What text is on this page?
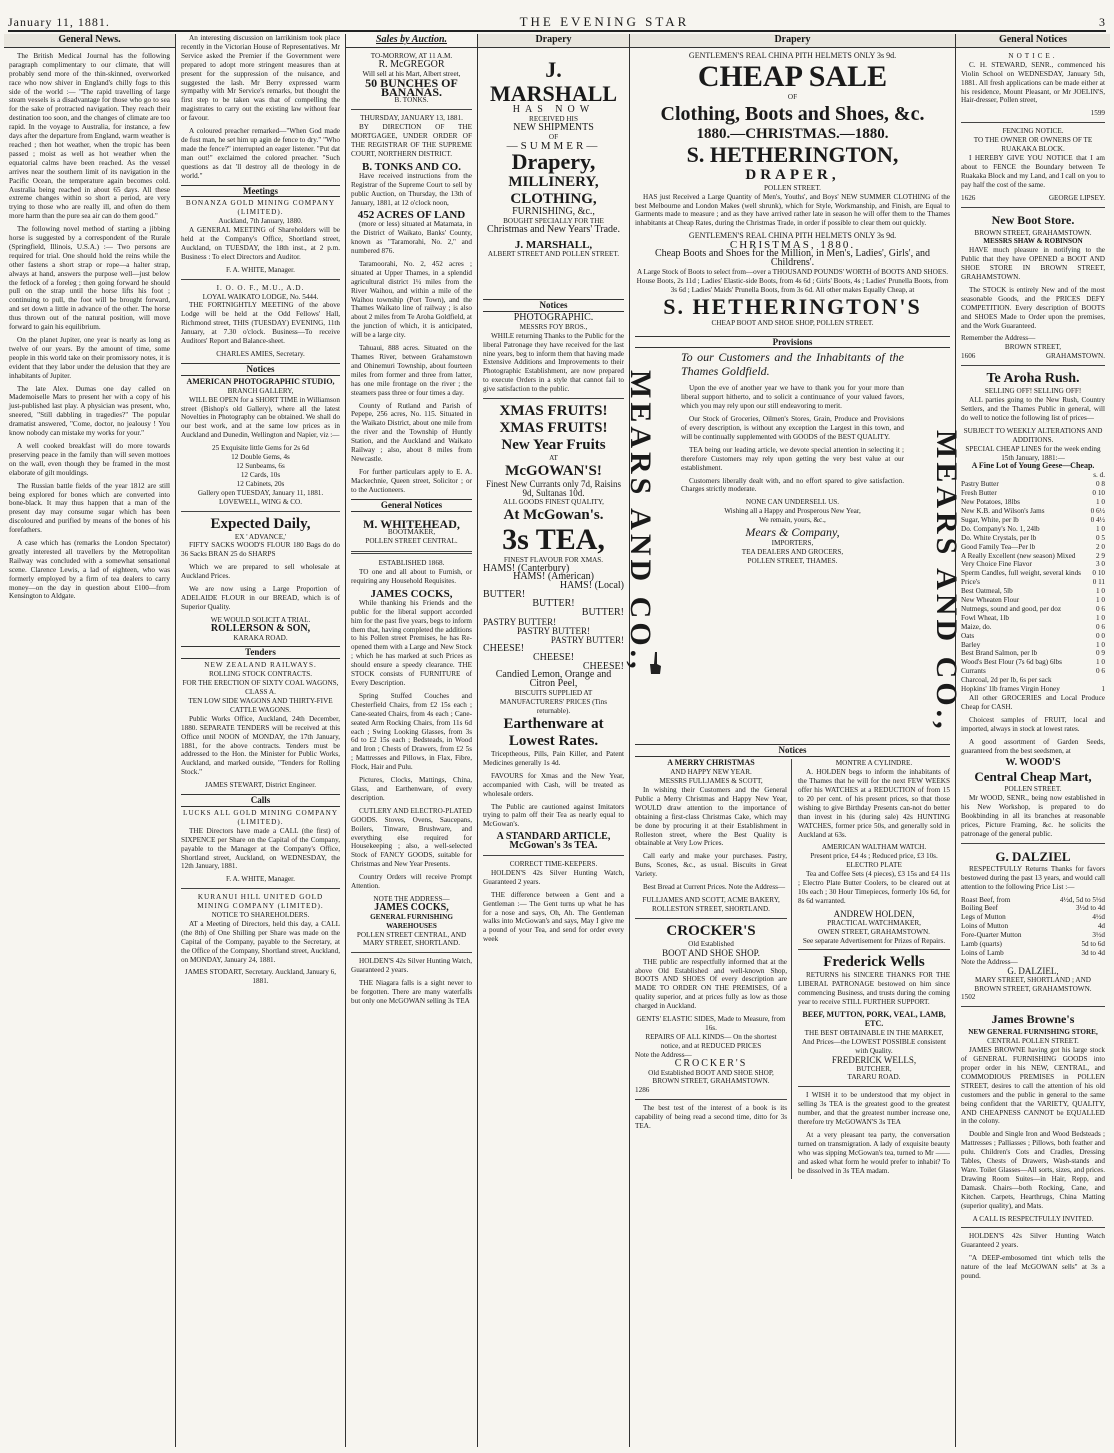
January 11, 1881.	THE EVENING STAR	3
General News.

The British Medical Journal has the following paragraph complimentary to our climate, that will probably send more of the thin-skinned, overworked race who now shiver in England's chilly fogs to this side of the world :— "The rapid travelling of large steam vessels is a disadvantage for those who go to sea for the sake of protracted navigation. They reach their destination too soon, and the changes of climate are too rapid. In the voyage to Australia, for instance, a few days after the departure from England, warm weather is reached ; then hot weather, when the tropic has been passed ; moist as well as hot weather when the equatorial calms have been reached. As the vessel arrives near the southern limit of its navigation in the Pacific Ocean, the temperature again becomes cold. Australia being reached in about 65 days. All these extreme changes within so short a period, are very trying to those who are really ill, and often do them more harm than the pure sea air can do them good."

The following novel method of starting a jibbing horse is suggested by a correspondent of the Rurale (Springfield, Illinois, U.S.A.) :— Two persons are required for trial. One should hold the reins while the other fastens a short strap or rope—a halter strap, always at hand, answers the purpose well—just below the fetlock of a foreleg ; then going forward he should pull on the strap until the horse lifts his foot ; continuing to pull, the foot will be brought forward, and set down a little in advance of the other. The horse thus thrown out of the natural position, will move forward to gain his equilibrium.

On the planet Jupiter, one year is nearly as long as twelve of our years. By the amount of time, some people in this world take on their promissory notes, it is evident that they labor under the delusion that they are inhabitants of Jupiter.

The late Alex. Dumas one day called on Mademoiselle Mars to present her with a copy of his just-published last play. A physician was present, who, sneered, "Still dabbling in tragedies?" The popular dramatist answered, "Come, doctor, no jealousy ! You know nobody can mistake my works for your."

A well cooked breakfast will do more towards preserving peace in the family than will seven mottoes on the wall, even though they be framed in the most elaborate of gilt mouldings.

The Russian battle fields of the year 1812 are still being explored for bones which are converted into bone-black. It may thus happen that a man of the present day may consume sugar which has been discoloured and purified by means of the bones of his forefathers.

A case which has (remarks the London Spectator) greatly interested all travellers by the Metropolitan Railway was concluded with a somewhat sensational scene. Clarence Lewis, a lad of eighteen, who was formerly employed by a firm of tea dealers to carry money—on the day in question about £100—from Kensington to Aldgate.

An interesting discussion on larrikinism took place recently in the Victorian House of Representatives. Mr Service asked the Premier if the Government were prepared to adopt more stringent measures than at present for the suppression of the nuisance, and suggested the lash. Mr Berry expressed warm sympathy with Mr Service's remarks, but thought the first step to be taken was that of compelling the magistrates to carry out the existing law without fear or favour.

A coloured preacher remarked—"When God made de fust man, he set him up agin de fence to dry." "Who made the fence?" interrupted an eager listener. "Put dat man out!" exclaimed the colored preacher. "Such questions as dat 'll destroy all de theology in de world."

Meetings
BONANZA GOLD MINING COMPANY (LIMITED).
Auckland, 7th January, 1880.

A GENERAL MEETING of Shareholders will be held at the Company's Office, Shortland street, Auckland, on TUESDAY, the 18th inst., at 2 p.m. Business : To elect Directors and Auditor.

F. A. WHITE, Manager.
I. O. O. F., M.U., A.D.
LOYAL WAIKATO LODGE, No. 5444.

THE FORTNIGHTLY MEETING of the above Lodge will be held at the Odd Fellows' Hall, Richmond street, THIS (TUESDAY) EVENING, 11th January, at 7.30 o'clock. Business—To receive Auditors' Report and Balance-sheet.

CHARLES AMIES, Secretary.
Notices
AMERICAN PHOTOGRAPHIC STUDIO,
BRANCH GALLERY,

WILL BE OPEN for a SHORT TIME in Williamson street (Bishop's old Gallery), where all the latest Novelties in Photography can be obtained. We shall do our best work, and at the same low prices as in Auckland and Dunedin, Wellington and Napier, viz :—

25 Exquisite little Gems for 2s 6d
12 Double Gems, 4s
12 Sunbeams, 6s
12 Cards, 10s
12 Cabinets, 20s
Gallery open TUESDAY, January 11, 1881.
LOVEWELL, WING & CO.
Expected Daily,
EX ' ADVANCE,'

FIFTY SACKS WOOD'S FLOUR 180 Bags do do 36 Sacks BRAN 25 do SHARPS

Which we are prepared to sell wholesale at Auckland Prices.

We are now using a Large Proportion of ADELAIDE FLOUR in our BREAD, which is of Superior Quality.

WE WOULD SOLICIT A TRIAL.
ROLLERSON & SON,
KARAKA ROAD.
Tenders
NEW ZEALAND RAILWAYS.
ROLLING STOCK CONTRACTS.
FOR THE ERECTION OF SIXTY COAL WAGONS, CLASS A.
TEN LOW SIDE WAGONS AND THIRTY-FIVE CATTLE WAGONS.

Public Works Office, Auckland, 24th December, 1880. SEPARATE TENDERS will be received at this Office until NOON of MONDAY, the 17th January, 1881, for the above contracts. Tenders must be addressed to the Hon. the Minister for Public Works, Auckland, and marked outside, "Tenders for Rolling Stock."

JAMES STEWART, District Engineer.
Calls
LUCKS ALL GOLD MINING COMPANY (LIMITED).

THE Directors have made a CALL (the first) of SIXPENCE per Share on the Capital of the Company, payable to the Manager at the Company's Office, Shortland street, Auckland, on WEDNESDAY, the 12th January, 1881.

F. A. WHITE, Manager.
KURANUI HILL UNITED GOLD MINING COMPANY (LIMITED).
NOTICE TO SHAREHOLDERS.

AT a Meeting of Directors, held this day, a CALL (the 8th) of One Shilling per Share was made on the Capital of the Company, payable to the Secretary, at the Office of the Company, Shortland street, Auckland, on MONDAY, January 24, 1881.

JAMES STODART, Secretary. Auckland, January 6, 1881.
Sales by Auction.
TO-MORROW, AT 11 A.M.
R. McGREGOR
Will sell at his Mart, Albert street,
50 BUNCHES OF BANANAS.
B. TONKS.
THURSDAY, JANUARY 13, 1881.

BY DIRECTION OF THE MORTGAGEE, UNDER ORDER OF THE REGISTRAR OF THE SUPREME COURT, NORTHERN DISTRICT.

B. TONKS AND CO.

Have received instructions from the Registrar of the Supreme Court to sell by public Auction, on Thursday, the 13th of January, 1881, at 12 o'clock noon,

452 ACRES OF LAND

(more or less) situated at Matamata, in the District of Waikato, Banks' County, known as "Taramorahi, No. 2," and numbered 876.

Taramoorahi, No. 2, 452 acres ; situated at Upper Thames, in a splendid agricultural district 1¼ miles from the River Waihou, and within a mile of the Waihou township (Port Town), and the Thames Waikato line of railway ; is also about 2 miles from Te Aroha Goldfield, at the junction of which, it is anticipated, will be a large city.

Tahuaui, 888 acres. Situated on the Thames River, between Grahamstown and Ohinemuri Township, about fourteen miles from former and three from latter, has one mile frontage on the river ; the steamers pass three or four times a day.

County of Rutland and Parish of Pepepe, 256 acres, No. 115. Situated in the Waikato District, about one mile from the river and the Township of Huntly Station, and the Auckland and Waikato Railway ; also, about 8 miles from Newcastle.

For further particulars apply to E. A. Mackechnie, Queen street, Solicitor ; or to the Auctioneers.

General Notices
M. WHITEHEAD,
BOOTMAKER,
POLLEN STREET CENTRAL.
ESTABLISHED 1868.

TO one and all about to Furnish, or requiring any Household Requisites.

JAMES COCKS,

While thanking his Friends and the public for the liberal support accorded him for the past five years, begs to inform them that, having completed the additions to his Pollen street Premises, he has Re-opened them with a Large and New Stock ; which he has marked at such Prices as should ensure a speedy clearance. THE STOCK consists of FURNITURE of Every Description.

Spring Stuffed Couches and Chesterfield Chairs, from £2 15s each ; Cane-seated Chairs, from 4s each ; Cane-seated Arm Rocking Chairs, from 11s 6d each ; Swing Looking Glasses, from 3s 6d to £2 15s each ; Bedsteads, in Wood and Iron ; Chests of Drawers, from £2 5s ; Mattresses and Pillows, in Flax, Fibre, Flock, Hair and Pulu.

Pictures, Clocks, Mattings, China, Glass, and Earthenware, of every description.

CUTLERY AND ELECTRO-PLATED GOODS. Stoves, Ovens, Saucepans, Boilers, Tinware, Brushware, and everything else required for Housekeeping ; also, a well-selected Stock of FANCY GOODS, suitable for Christmas and New Year Presents.

Country Orders will receive Prompt Attention.

NOTE THE ADDRESS—
JAMES COCKS,
GENERAL FURNISHING WAREHOUSES
POLLEN STREET CENTRAL, AND MARY STREET, SHORTLAND.

HOLDEN'S 42s Silver Hunting Watch, Guaranteed 2 years.

THE Niagara falls is a sight never to be forgotten. There are many waterfalls but only one McGOWAN selling 3s TEA

Drapery
J. MARSHALL
HAS NOW
RECEIVED HIS
NEW SHIPMENTS
OF
—SUMMER—
Drapery,
MILLINERY,
CLOTHING,
FURNISHING, &c.,
BOUGHT SPECIALLY FOR THE
Christmas and New Years' Trade.
J. MARSHALL,
ALBERT STREET AND POLLEN STREET.
Notices
PHOTOGRAPHIC.
MESSRS FOY BROS.,

WHILE returning Thanks to the Public for the liberal Patronage they have received for the last nine years, beg to inform them that having made Extensive Additions and Improvements to their Photographic Establishment, are now prepared to execute Orders in a style that cannot fail to give satisfaction to the public.

XMAS FRUITS!
XMAS FRUITS!
New Year Fruits
AT
McGOWAN'S!
Finest New Currants only 7d, Raisins 9d, Sultanas 10d.
ALL GOODS FINEST QUALITY,
At McGowan's.
3s TEA,
FINEST FLAVOUR FOR XMAS.
HAMS! (Canterbury)
HAMS! (American)
HAMS! (Local)
BUTTER!
BUTTER!
BUTTER!
PASTRY BUTTER!
PASTRY BUTTER!
PASTRY BUTTER!
CHEESE!
CHEESE!
CHEESE!
Candied Lemon, Orange and Citron Peel,
BISCUITS SUPPLIED AT MANUFACTURERS' PRICES (Tins returnable).
Earthenware at Lowest Rates.

Triceptheous, Pills, Pain Killer, and Patent Medicines generally 1s 4d.

FAVOURS for Xmas and the New Year, accompanied with Cash, will be treated as wholesale orders.

The Public are cautioned against Imitators trying to palm off their Tea as nearly equal to McGowan's.

A STANDARD ARTICLE, McGowan's 3s TEA.
CORRECT TIME-KEEPERS.

HOLDEN'S 42s Silver Hunting Watch, Guaranteed 2 years.

THE difference between a Gent and a Gentleman :— The Gent turns up what he has for a nose and says, Oh, Ah. The Gentleman walks into McGowan's and says, May I give me a pound of your Tea, and send for order every week

Drapery
GENTLEMEN'S REAL CHINA PITH HELMETS ONLY 3s 9d.
CHEAP SALE
OF
Clothing, Boots and Shoes, &c.
1880.—CHRISTMAS.—1880.
S. HETHERINGTON,
DRAPER,
POLLEN STREET.

HAS just Received a Large Quantity of Men's, Youths', and Boys' NEW SUMMER CLOTHING of the best Melbourne and London Makes (well shrunk), which for Style, Workmanship, and Finish, are Equal to Garments made to measure ; and as they have arrived rather late in season he will offer them to the Thames inhabitants at Cheap Rates, during the Christmas Trade, in order if possible to clear them out quickly.

GENTLEMEN'S REAL CHINA PITH HELMETS ONLY 3s 9d.
CHRISTMAS, 1880.
Cheap Boots and Shoes for the Million, in Men's, Ladies', Girls', and Childrens'.
A Large Stock of Boots to select from—over a THOUSAND POUNDS' WORTH of BOOTS AND SHOES.
House Boots, 2s 11d ; Ladies' Elastic-side Boots, from 4s 6d ; Girls' Boots, 4s ; Ladies' Prunella Boots, from 3s 6d ; Ladies' Maids' Prunella Boots, from 3s 6d. All other makes Equally Cheap, at
S. HETHERINGTON'S
CHEAP BOOT AND SHOE SHOP, POLLEN STREET.
Provisions
MEARS AND CO.,	MEARS AND CO.,
To our Customers and the Inhabitants of the Thames Goldfield.

Upon the eve of another year we have to thank you for your more than liberal support hitherto, and to solicit a continuance of your valued favors, which you may rely upon our still endeavoring to merit.

Our Stock of Groceries, Oilmen's Stores, Grain, Produce and Provisions of every description, is without any exception the Largest in this town, and will be continually supplemented with GOODS of the BEST QUALITY.

TEA being our leading article, we devote special attention in selecting it ; therefore Customers may rely upon getting the very best value at our establishment.

Customers liberally dealt with, and no effort spared to give satisfaction. Charges strictly moderate.

NONE CAN UNDERSELL US.
Wishing all a Happy and Prosperous New Year,
We remain, yours, &c.,
Mears & Company,
IMPORTERS,
TEA DEALERS AND GROCERS,
POLLEN STREET, THAMES.
Notices
A MERRY CHRISTMAS
AND HAPPY NEW YEAR.
MESSRS FULLJAMES & SCOTT,

In wishing their Customers and the General Public a Merry Christmas and Happy New Year, WOULD draw attention to the importance of obtaining a first-class Christmas Cake, which may be done by procuring it at their Establishment in Rolleston street, where the Best Quality is obtainable at Very Low Prices.

Call early and make your purchases. Pastry, Buns, Scones, &c., as usual. Biscuits in Great Variety.

Best Bread at Current Prices. Note the Address—

FULLJAMES AND SCOTT, ACME BAKERY,
ROLLESTON STREET, SHORTLAND.
CROCKER'S
Old Established
BOOT AND SHOE SHOP.

THE public are respectfully informed that at the above Old Established and well-known Shop, BOOTS AND SHOES Of every description are MADE TO ORDER ON THE PREMISES, Of a quality superior, and at prices fully as low as those charged in Auckland.

GENTS' ELASTIC SIDES, Made to Measure, from 16s.
REPAIRS OF ALL KINDS— On the shortest notice, and at REDUCED PRICES
Note the Address—
CROCKER'S
Old Established BOOT AND SHOE SHOP, BROWN STREET, GRAHAMSTOWN.
1286

The best test of the interest of a book is its capability of being read a second time, ditto for 3s TEA.

MONTRE A CYLINDRE.

A. HOLDEN begs to inform the inhabitants of the Thames that he will for the next FEW WEEKS offer his WATCHES at a REDUCTION of from 15 to 20 per cent. of his present prices, so that those wishing to give Birthday Presents can-not do better than invest in his (during sale) 42s HUNTING WATCHES, former price 50s, and generally sold in Auckland at 63s.

AMERICAN WALTHAM WATCH.
Present price, £4 4s ; Reduced price, £3 10s.
ELECTRO PLATE

Tea and Coffee Sets (4 pieces), £3 15s and £4 11s ; Electro Plate Butter Coolers, to be cleared out at 10s each ; 30 Hour Timepieces, formerly 10s 6d, for 8s 6d warranted.

ANDREW HOLDEN,
PRACTICAL WATCHMAKER,
OWEN STREET, GRAHAMSTOWN.
See separate Advertisement for Prizes of Repairs.
Frederick Wells

RETURNS his SINCERE THANKS FOR THE LIBERAL PATRONAGE bestowed on him since commencing Business, and trusts during the coming year to receive STILL FURTHER SUPPORT.

BEEF, MUTTON, PORK, VEAL, LAMB, ETC.
THE BEST OBTAINABLE IN THE MARKET, And Prices—the LOWEST POSSIBLE consistent with Quality.
FREDERICK WELLS,
BUTCHER,
TARARU ROAD.

I WISH it to be understood that my object in selling 3s TEA is the greatest good to the greatest number, and that the greatest number increase one, therefore try McGOWAN'S 3s TEA

At a very pleasant tea party, the conversation turned on transmigration. A lady of exquisite beauty who was sipping McGowan's tea, turned to Mr —— and asked what form he would prefer to inhabit? To be dissolved in 3s TEA madam.

General Notices
NOTICE.

C. H. STEWARD, SENR., commenced his Violin School on WEDNESDAY, January 5th, 1881. All fresh applications can be made either at his residence, Mount Pleasant, or Mr JOELIN'S, Hair-dresser, Pollen street,

1599
FENCING NOTICE.
TO THE OWNER OR OWNERS OF TE RUAKAKA BLOCK.

I HEREBY GIVE YOU NOTICE that I am about to FENCE the Boundary between Te Ruakaka Block and my Land, and I call on you to pay half the cost of the same.

1626	GEORGE LIPSEY.
New Boot Store.
BROWN STREET, GRAHAMSTOWN.
MESSRS SHAW & ROBINSON

HAVE much pleasure in notifying to the Public that they have OPENED a BOOT AND SHOE STORE IN BROWN STREET, GRAHAMSTOWN.

The STOCK is entirely New and of the most seasonable Goods, and the PRICES DEFY COMPETITION. Every description of BOOTS and SHOES Made to Order upon the premises, and the Work Guaranteed.

Remember the Address—
BROWN STREET,
1606	GRAHAMSTOWN.
Te Aroha Rush.
SELLING OFF! SELLING OFF!

ALL parties going to the New Rush, Country Settlers, and the Thames Public in general, will do well to notice the following list of prices—

SUBJECT TO WEEKLY ALTERATIONS AND ADDITIONS.
SPECIAL CHEAP LINES for the week ending 15th January, 1881:—
A Fine Lot of Young Geese—Cheap.
s. d.
Pastry Butter	0 8
Fresh Butter	0 10
New Potatoes, 18lbs	1 0
New K.B. and Wilson's Jams	0 6½
Sugar, White, per lb	0 4½
Do. Company's No. 1, 24lb	1 0
Do. White Crystals, per lb	0 5
Good Family Tea—Per lb	2 0
A Really Excellent (new season) Mixed	2 9
Very Choice Fine Flavor	3 0
Sperm Candles, full weight, several kinds 0 10
Price's	0 11
Best Oatmeal, 5lb	1 0
New Wheaten Flour	1 0
Nutmegs, sound and good, per doz	0 6
Fowl Wheat, 1lb	1 0
Maize, do.	0 6
Oats	0 0
Barley	1 0
Best Brand Salmon, per lb	0 9
Wood's Best Flour (7s 6d bag) 6lbs	1 0
Currants	0 6
Charcoal, 2d per lb, 6s per sack
Hopkins' 1lb frames Virgin Honey	1

All other GROCERIES and Local Produce Cheap for CASH.

Choicest samples of FRUIT, local and imported, always in stock at lowest rates.

A good assortment of Garden Seeds, guaranteed from the best seedsmen, at

W. WOOD'S
Central Cheap Mart,
POLLEN STREET.

Mr WOOD, SENR., being now established in his New Workshop, is prepared to do Bookbinding in all its branches at reasonable prices, Picture Framing, &c. he solicits the patronage of the general public.

G. DALZIEL

RESPECTFULLY Returns Thanks for favors bestowed during the past 13 years, and would call attention to the following Price List :—

Roast Beef, from	4½d, 5d to 5½d
Boiling Beef	3½d to 4d
Legs of Mutton	4½d
Loins of Mutton	4d
Fore-Quarter Mutton	3½d
Lamb (quarts)	5d to 6d
Loins of Lamb	3d to 4d
Note the Address—
G. DALZIEL,
MARY STREET, SHORTLAND ; AND BROWN STREET, GRAHAMSTOWN.
1502
James Browne's
NEW GENERAL FURNISHING STORE,
CENTRAL POLLEN STREET.

JAMES BROWNE having got his large stock of GENERAL FURNISHING GOODS into proper order in his NEW, CENTRAL, and COMMODIOUS PREMISES in POLLEN STREET, desires to call the attention of his old customers and the public in general to the same being confident that the VARIETY, QUALITY, AND CHEAPNESS CANNOT be EQUALLED in the colony.

Double and Single Iron and Wood Bedsteads ; Mattresses ; Palliasses ; Pillows, both feather and pulu. Children's Cots and Cradles, Dressing Tables, Chests of Drawers, Wash-stands and Ware. Toilet Glasses—All sorts, sizes, and prices. Drawing Room Suites—in Hair, Repp, and Damask. Chairs—both Rocking, Cane, and Kitchen. Carpets, Hearthrugs, China Matting (superior quality), and Mats.

A CALL IS RESPECTFULLY INVITED.

HOLDEN'S 42s Silver Hunting Watch Guaranteed 2 years.

"A DEEP-embosomed tint which tells the nature of the leaf McGOWAN sells" at 3s a pound.
